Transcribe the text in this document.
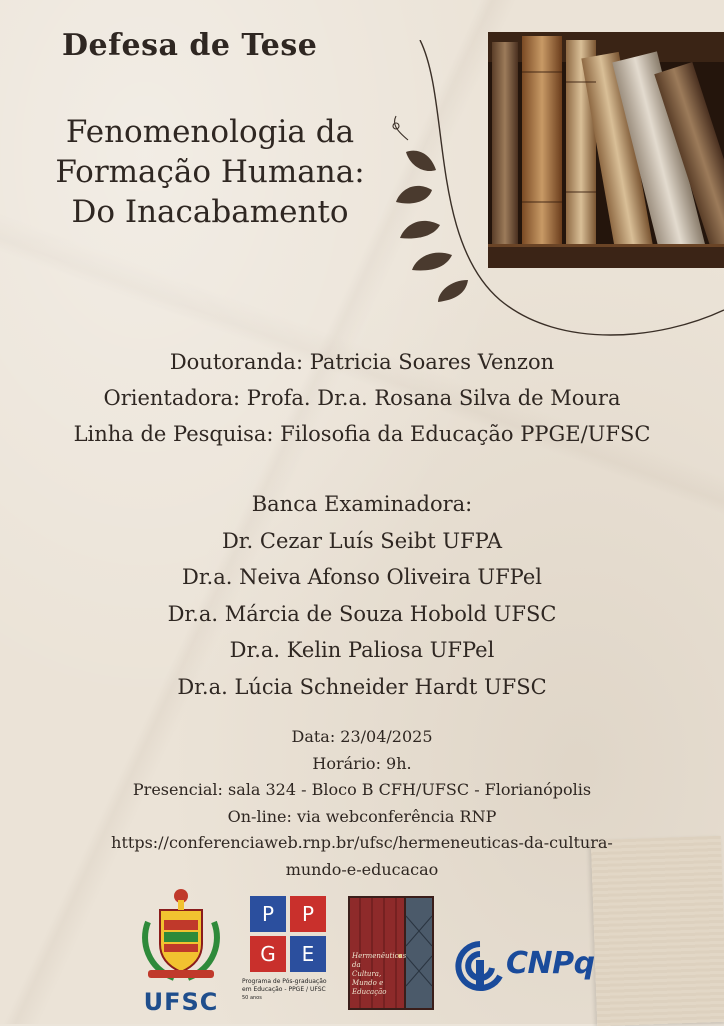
Defesa de Tese
Fenomenologia da
Formação Humana:
Do Inacabamento
Doutoranda: Patricia Soares Venzon
Orientadora: Profa. Dr.a. Rosana Silva de Moura
Linha de Pesquisa: Filosofia da Educação PPGE/UFSC
Banca Examinadora:
Dr. Cezar Luís Seibt UFPA
Dr.a. Neiva Afonso Oliveira UFPel
Dr.a. Márcia de Souza Hobold UFSC
Dr.a. Kelin Paliosa UFPel
Dr.a. Lúcia Schneider Hardt UFSC
Data: 23/04/2025
Horário: 9h.
Presencial: sala 324 - Bloco B CFH/UFSC - Florianópolis
On-line: via webconferência RNP
https://conferenciaweb.rnp.br/ufsc/hermeneuticas-da-cultura-
mundo-e-educacao
UFSC
P	P
G	E
Programa de Pós-graduação
em Educação - PPGE / UFSC
50 anos
Hermenêuticas da
Cultura, Mundo e
Educação
CNPq
